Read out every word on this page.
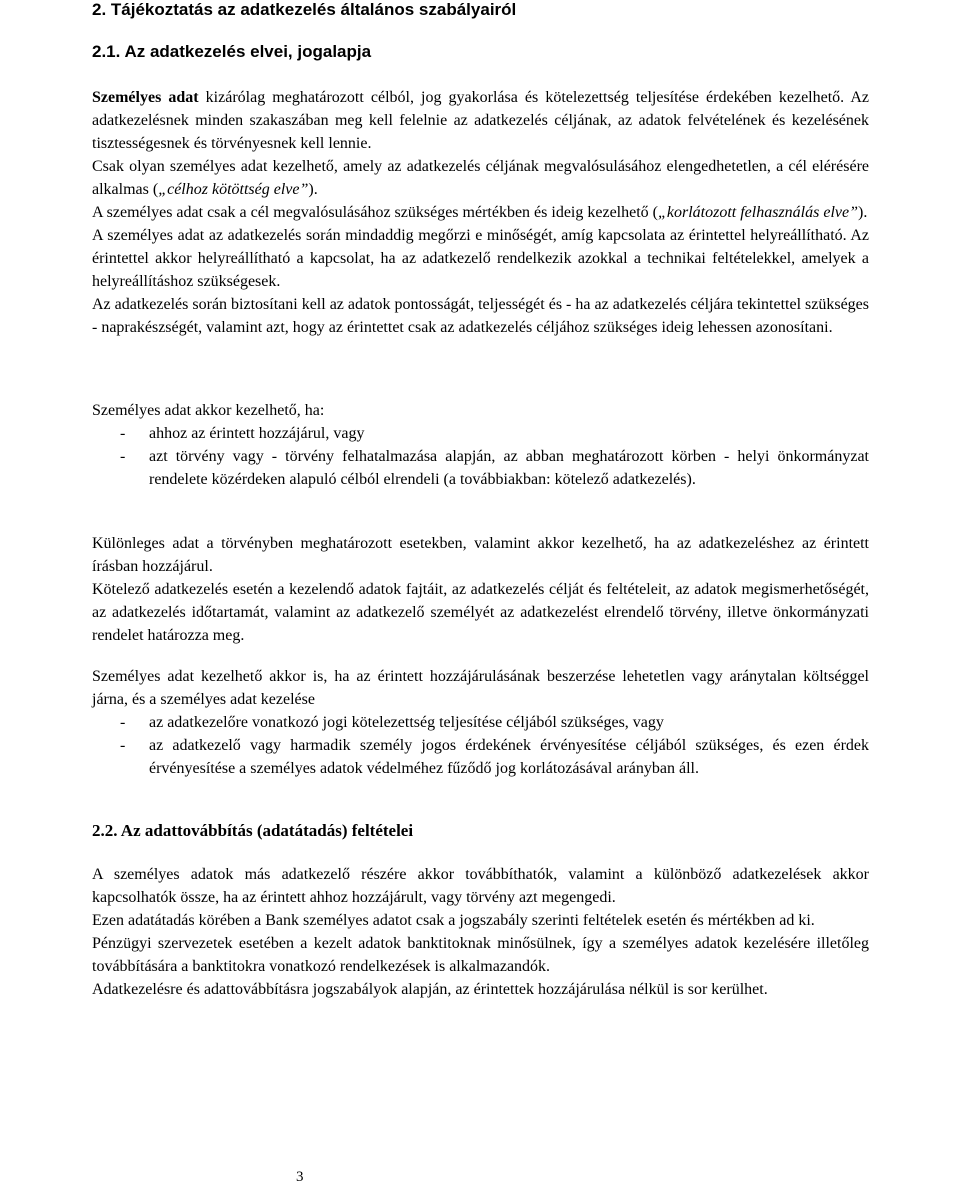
2. Tájékoztatás az adatkezelés általános szabályairól
2.1. Az adatkezelés elvei, jogalapja

Személyes adat kizárólag meghatározott célból, jog gyakorlása és kötelezettség teljesítése érdekében kezelhető. Az adatkezelésnek minden szakaszában meg kell felelnie az adatkezelés céljának, az adatok felvételének és kezelésének tisztességesnek és törvényesnek kell lennie.

Csak olyan személyes adat kezelhető, amely az adatkezelés céljának megvalósulásához elengedhetetlen, a cél elérésére alkalmas („célhoz kötöttség elve”).

A személyes adat csak a cél megvalósulásához szükséges mértékben és ideig kezelhető („korlátozott felhasználás elve”).

A személyes adat az adatkezelés során mindaddig megőrzi e minőségét, amíg kapcsolata az érintettel helyreállítható. Az érintettel akkor helyreállítható a kapcsolat, ha az adatkezelő rendelkezik azokkal a technikai feltételekkel, amelyek a helyreállításhoz szükségesek.

Az adatkezelés során biztosítani kell az adatok pontosságát, teljességét és - ha az adatkezelés céljára tekintettel szükséges - naprakészségét, valamint azt, hogy az érintettet csak az adatkezelés céljához szükséges ideig lehessen azonosítani.

Személyes adat akkor kezelhető, ha:

- ahhoz az érintett hozzájárul, vagy
- azt törvény vagy - törvény felhatalmazása alapján, az abban meghatározott körben - helyi önkormányzat rendelete közérdeken alapuló célból elrendeli (a továbbiakban: kötelező adatkezelés).

Különleges adat a törvényben meghatározott esetekben, valamint akkor kezelhető, ha az adatkezeléshez az érintett írásban hozzájárul.

Kötelező adatkezelés esetén a kezelendő adatok fajtáit, az adatkezelés célját és feltételeit, az adatok megismerhetőségét, az adatkezelés időtartamát, valamint az adatkezelő személyét az adatkezelést elrendelő törvény, illetve önkormányzati rendelet határozza meg.

Személyes adat kezelhető akkor is, ha az érintett hozzájárulásának beszerzése lehetetlen vagy aránytalan költséggel járna, és a személyes adat kezelése

- az adatkezelőre vonatkozó jogi kötelezettség teljesítése céljából szükséges, vagy
- az adatkezelő vagy harmadik személy jogos érdekének érvényesítése céljából szükséges, és ezen érdek érvényesítése a személyes adatok védelméhez fűződő jog korlátozásával arányban áll.
2.2. Az adattovábbítás (adatátadás) feltételei

A személyes adatok más adatkezelő részére akkor továbbíthatók, valamint a különböző adatkezelések akkor kapcsolhatók össze, ha az érintett ahhoz hozzájárult, vagy törvény azt megengedi.

Ezen adatátadás körében a Bank személyes adatot csak a jogszabály szerinti feltételek esetén és mértékben ad ki.

Pénzügyi szervezetek esetében a kezelt adatok banktitoknak minősülnek, így a személyes adatok kezelésére illetőleg továbbítására a banktitokra vonatkozó rendelkezések is alkalmazandók.

Adatkezelésre és adattovábbításra jogszabályok alapján, az érintettek hozzájárulása nélkül is sor kerülhet.

3
